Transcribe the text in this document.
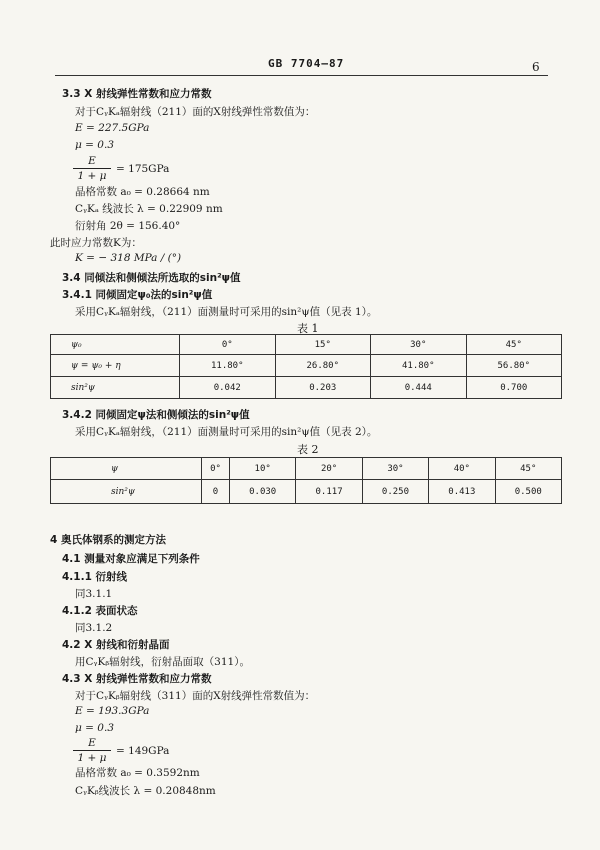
GB 7704—87	6
3.3 X 射线弹性常数和应力常数
对于CᵧKₐ辐射线（211）面的X射线弹性常数值为：
E = 227.5GPa
μ = 0.3
E
1 + μ
= 175GPa
晶格常数 a₀ = 0.28664 nm
CᵧKₐ 线波长 λ = 0.22909 nm
衍射角 2θ = 156.40°
此时应力常数K为：
K = − 318 MPa / (°)
3.4 同倾法和侧倾法所选取的sin²ψ值
3.4.1 同倾固定ψ₀法的sin²ψ值
采用CᵧKₐ辐射线，（211）面测量时可采用的sin²ψ值（见表 1）。
表 1
ψ₀	0°	15°	30°	45°
ψ = ψ₀ + η	11.80°	26.80°	41.80°	56.80°
sin²ψ	0.042	0.203	0.444	0.700
3.4.2 同倾固定ψ法和侧倾法的sin²ψ值
采用CᵧKₐ辐射线，（211）面测量时可采用的sin²ψ值（见表 2）。
表 2
ψ	0°	10°	20°	30°	40°	45°
sin²ψ	0	0.030	0.117	0.250	0.413	0.500
4 奥氏体钢系的测定方法
4.1 测量对象应满足下列条件
4.1.1 衍射线
同3.1.1
4.1.2 表面状态
同3.1.2
4.2 X 射线和衍射晶面
用CᵧKᵦ辐射线，衍射晶面取（311）。
4.3 X 射线弹性常数和应力常数
对于CᵧKᵦ辐射线（311）面的X射线弹性常数值为：
E = 193.3GPa
μ = 0.3
E
1 + μ
= 149GPa
晶格常数 a₀ = 0.3592nm
CᵧKᵦ线波长 λ = 0.20848nm
